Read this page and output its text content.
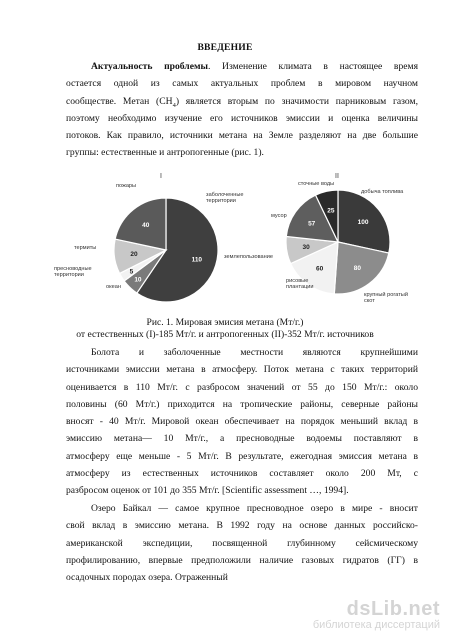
ВВЕДЕНИЕ
Актуальность проблемы. Изменение климата в настоящее время
остается одной из самых актуальных проблем в мировом научном
сообществе. Метан $(СН_4)$ является вторым по значимости парниковым газом,
поэтому необходимо изучение его источников эмиссии и оценка величины
потоков. Как правило, источники метана на Земле разделяют на две большие
группы: естественные и антропогенные (рис. 1).
110
10
5
20
40	100
80
60
30
57
25
I	II
пожары
заболоченные территории
термиты
пресноводные территории
океан
сточные воды
добыча топлива
мусор
землепользование
рисовые плантации
крупный рогатый скот
Рис. 1. Мировая эмисия метана (Мт/г.)
от естественных (I)-185 Мт/г. и антропогенных (II)-352 Мт/г. источников
Болота и заболоченные местности являются крупнейшими
источниками эмиссии метана в атмосферу. Поток метана с таких территорий
оценивается в 110 Мт/г. с разбросом значений от 55 до 150 Мт/г.: около
половины (60 Мт/г.) приходится на тропические районы, северные районы
вносят - 40 Мт/г. Мировой океан обеспечивает на порядок меньший вклад в
эмиссию метана— 10 Мт/г., а пресноводные водоемы поставляют в
атмосферу еще меньше - 5 Мт/г. В результате, ежегодная эмиссия метана в
атмосферу из естественных источников составляет около 200 Мт, с
разбросом оценок от 101 до 355 Мт/г. [Scientific assessment …, 1994].
Озеро Байкал — самое крупное пресноводное озеро в мире - вносит
свой вклад в эмиссию метана. В 1992 году на основе данных российско-
американской экспедиции, посвященной глубинному сейсмическому
профилированию, впервые предположили наличие газовых гидратов (ГГ) в
осадочных породах озера. Отраженный
dsLib.net
библиотека диссертаций
